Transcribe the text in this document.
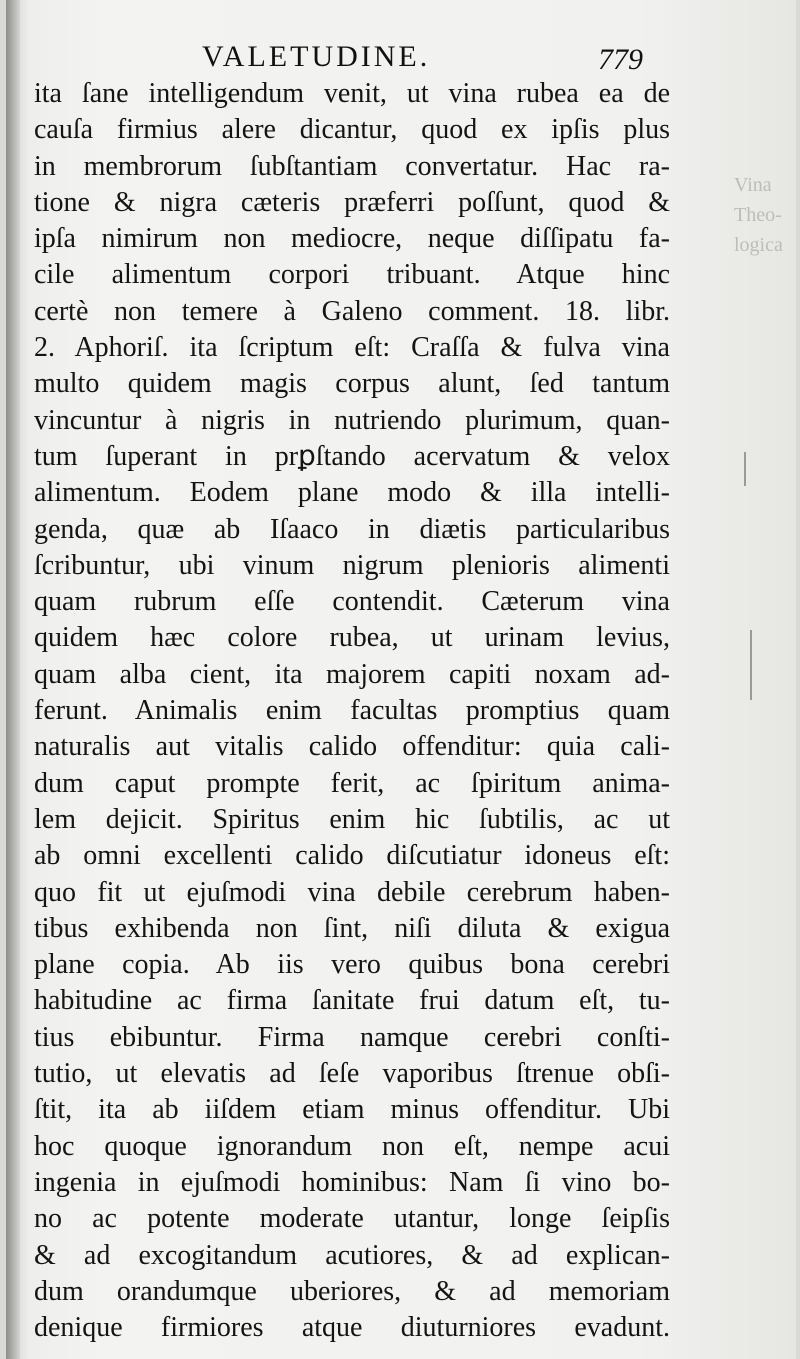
VALETUDINE.	779
ita ſane intelligendum venit, ut vina rubea ea de
cauſa firmius alere dicantur, quod ex ipſis plus
in membrorum ſubſtantiam convertatur. Hac ra-
tione & nigra cæteris præferri poſſunt, quod &
ipſa nimirum non mediocre, neque diſſipatu fa-
cile alimentum corpori tribuant. Atque hinc
certè non temere à Galeno comment. 18. libr.
2. Aphoriſ. ita ſcriptum eſt: Craſſa & fulva vina
multo quidem magis corpus alunt, ſed tantum
vincuntur à nigris in nutriendo plurimum, quan-
tum ſuperant in prꝑſtando acervatum & velox
alimentum. Eodem plane modo & illa intelli-
genda, quæ ab Iſaaco in diætis particularibus
ſcribuntur, ubi vinum nigrum plenioris alimenti
quam rubrum eſſe contendit. Cæterum vina
quidem hæc colore rubea, ut urinam levius,
quam alba cient, ita majorem capiti noxam ad-
ferunt. Animalis enim facultas promptius quam
naturalis aut vitalis calido offenditur: quia cali-
dum caput prompte ferit, ac ſpiritum anima-
lem dejicit. Spiritus enim hic ſubtilis, ac ut
ab omni excellenti calido diſcutiatur idoneus eſt:
quo fit ut ejuſmodi vina debile cerebrum haben-
tibus exhibenda non ſint, niſi diluta & exigua
plane copia. Ab iis vero quibus bona cerebri
habitudine ac firma ſanitate frui datum eſt, tu-
tius ebibuntur. Firma namque cerebri conſti-
tutio, ut elevatis ad ſeſe vaporibus ſtrenue obſi-
ſtit, ita ab iiſdem etiam minus offenditur. Ubi
hoc quoque ignorandum non eſt, nempe acui
ingenia in ejuſmodi hominibus: Nam ſi vino bo-
no ac potente moderate utantur, longe ſeipſis
& ad excogitandum acutiores, & ad explican-
dum orandumque uberiores, & ad memoriam
denique firmiores atque diuturniores evadunt.
Vina
Theo-
logica
